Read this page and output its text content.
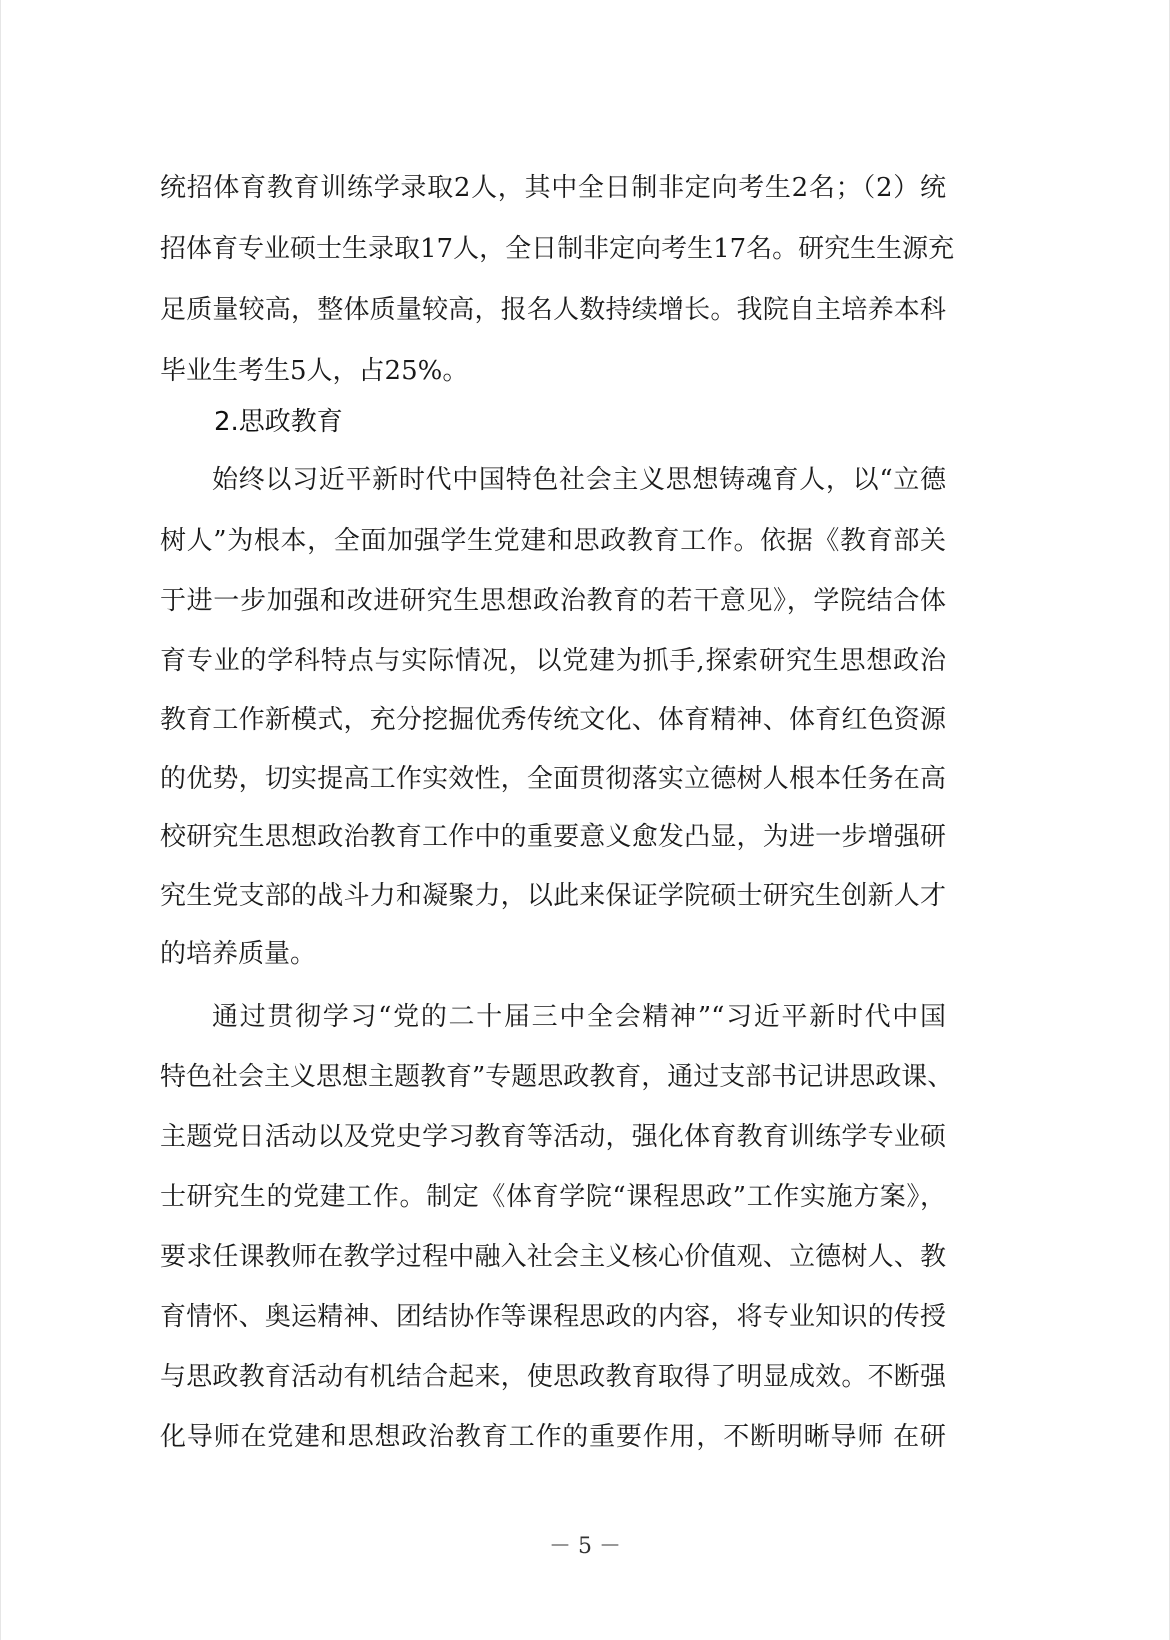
统招体育教育训练学录取2人，其中全日制非定向考生2名；（2）统
招体育专业硕士生录取17人，全日制非定向考生17名。研究生生源充
足质量较高，整体质量较高，报名人数持续增长。我院自主培养本科
毕业生考生5人，占25%。
2.思政教育
始终以习近平新时代中国特色社会主义思想铸魂育人，以“立德
树人”为根本，全面加强学生党建和思政教育工作。依据《教育部关
于进一步加强和改进研究生思想政治教育的若干意见》，学院结合体
育专业的学科特点与实际情况，以党建为抓手,探索研究生思想政治
教育工作新模式，充分挖掘优秀传统文化、体育精神、体育红色资源
的优势，切实提高工作实效性，全面贯彻落实立德树人根本任务在高
校研究生思想政治教育工作中的重要意义愈发凸显，为进一步增强研
究生党支部的战斗力和凝聚力，以此来保证学院硕士研究生创新人才
的培养质量。
通过贯彻学习“党的二十届三中全会精神”“习近平新时代中国
特色社会主义思想主题教育”专题思政教育，通过支部书记讲思政课、
主题党日活动以及党史学习教育等活动，强化体育教育训练学专业硕
士研究生的党建工作。制定《体育学院“课程思政”工作实施方案》，
要求任课教师在教学过程中融入社会主义核心价值观、立德树人、教
育情怀、奥运精神、团结协作等课程思政的内容，将专业知识的传授
与思政教育活动有机结合起来，使思政教育取得了明显成效。不断强
化导师在党建和思想政治教育工作的重要作用，不断明晰导师 在研
－ 5 －
